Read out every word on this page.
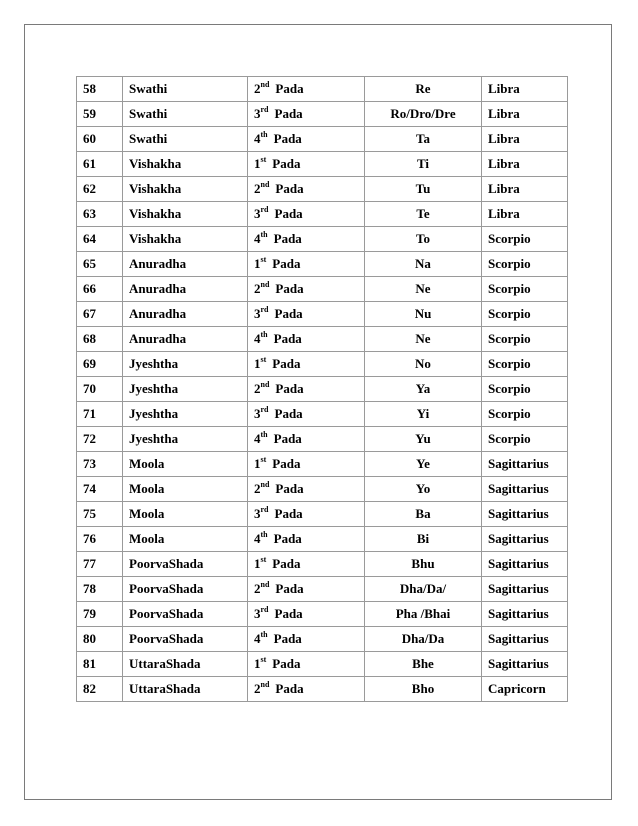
58	Swathi	2nd Pada	Re	Libra
59	Swathi	3rd Pada	Ro/Dro/Dre	Libra
60	Swathi	4th Pada	Ta	Libra
61	Vishakha	1st Pada	Ti	Libra
62	Vishakha	2nd Pada	Tu	Libra
63	Vishakha	3rd Pada	Te	Libra
64	Vishakha	4th Pada	To	Scorpio
65	Anuradha	1st Pada	Na	Scorpio
66	Anuradha	2nd Pada	Ne	Scorpio
67	Anuradha	3rd Pada	Nu	Scorpio
68	Anuradha	4th Pada	Ne	Scorpio
69	Jyeshtha	1st Pada	No	Scorpio
70	Jyeshtha	2nd Pada	Ya	Scorpio
71	Jyeshtha	3rd Pada	Yi	Scorpio
72	Jyeshtha	4th Pada	Yu	Scorpio
73	Moola	1st Pada	Ye	Sagittarius
74	Moola	2nd Pada	Yo	Sagittarius
75	Moola	3rd Pada	Ba	Sagittarius
76	Moola	4th Pada	Bi	Sagittarius
77	PoorvaShada	1st Pada	Bhu	Sagittarius
78	PoorvaShada	2nd Pada	Dha/Da/	Sagittarius
79	PoorvaShada	3rd Pada	Pha /Bhai	Sagittarius
80	PoorvaShada	4th Pada	Dha/Da	Sagittarius
81	UttaraShada	1st Pada	Bhe	Sagittarius
82	UttaraShada	2nd Pada	Bho	Capricorn
